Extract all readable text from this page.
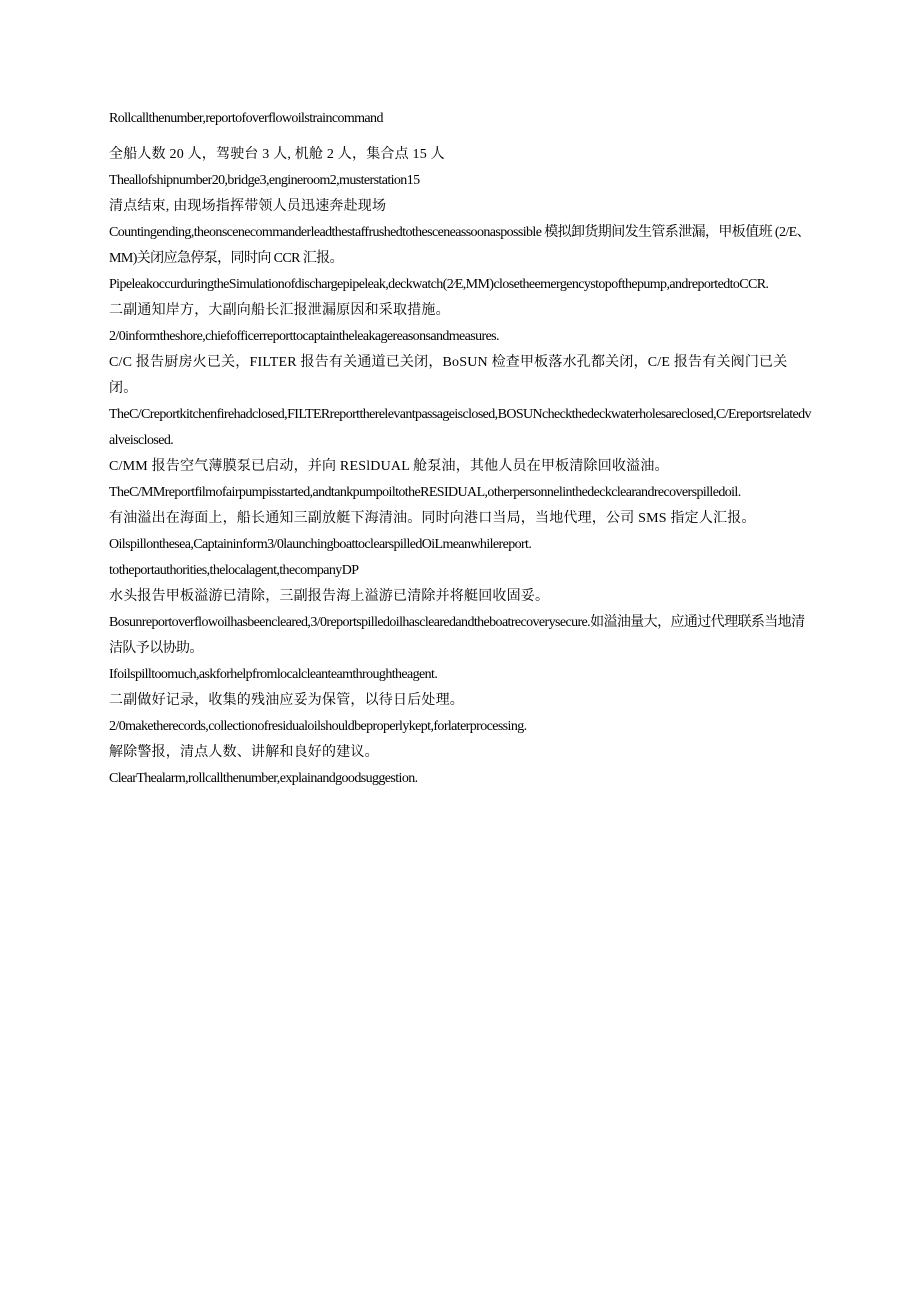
Rollcallthenumber,reportofoverflowoilstraincommand

全船人数 20 人，驾驶台 3 人, 机舱 2 人，集合点 15 人

Theallofshipnumber20,bridge3,engineroom2,musterstation15

清点结束, 由现场指挥带领人员迅速奔赴现场

Countingending,theonscenecommanderleadthestaffrushedtothesceneassoonaspossible 模拟卸货期间发生管系泄漏，甲板值班 (2/E、MM)关闭应急停泵，同时向 CCR 汇报。

PipeleakoccurduringtheSimulationofdischargepipeleak,deckwatch(2⁄E,MM)closetheemergencystopofthepump,andreportedtoCCR.

二副通知岸方，大副向船长汇报泄漏原因和采取措施。

2/0informtheshore,chiefofficerreporttocaptaintheleakagereasonsandmeasures.

C/C 报告厨房火已关，FILTER 报告有关通道已关闭，BoSUN 检查甲板落水孔都关闭，C/E 报告有关阀门已关闭。

TheC/Creportkitchenfirehadclosed,FILTERreporttherelevantpassageisclosed,BOSUNcheckthedeckwaterholesareclosed,C/Ereportsrelatedvalveisclosed.

C/MM 报告空气薄膜泵已启动，并向 RESlDUAL 舱泵油，其他人员在甲板清除回收溢油。

TheC/MMreportfilmofairpumpisstarted,andtankpumpoiltotheRESIDUAL,otherpersonnelinthedeckclearandrecoverspilledoil.

有油溢出在海面上，船长通知三副放艇下海清油。同时向港口当局，当地代理，公司 SMS 指定人汇报。

Oilspillonthesea,Captaininform3/0launchingboattoclearspilledOiLmeanwhilereport.

totheportauthorities,thelocalagent,thecompanyDP

水头报告甲板溢游已清除，三副报告海上溢游已清除并将艇回收固妥。

Bosunreportoverflowoilhasbeencleared,3/0reportspilledoilhasclearedandtheboatrecoverysecure.如溢油量大，应通过代理联系当地清洁队予以协助。

Ifoilspilltoomuch,askforhelpfromlocalcleanteamthroughtheagent.

二副做好记录，收集的残油应妥为保管，以待日后处理。

2/0maketherecords,collectionofresidualoilshouldbeproperlykept,forlaterprocessing.

解除警报，清点人数、讲解和良好的建议。

ClearThealarm,rollcallthenumber,explainandgoodsuggestion.
